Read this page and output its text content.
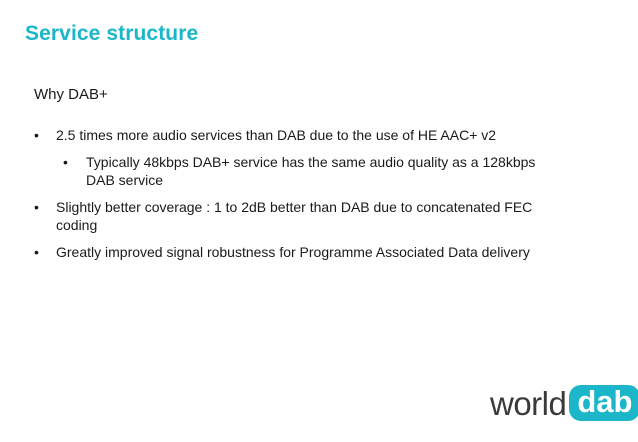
Service structure

Why DAB+

• 2.5 times more audio services than DAB due to the use of HE AAC+ v2
• Typically 48kbps DAB+ service has the same audio quality as a 128kbps DAB service
• Slightly better coverage : 1 to 2dB better than DAB due to concatenated FEC coding
• Greatly improved signal robustness for Programme Associated Data delivery
world dab
